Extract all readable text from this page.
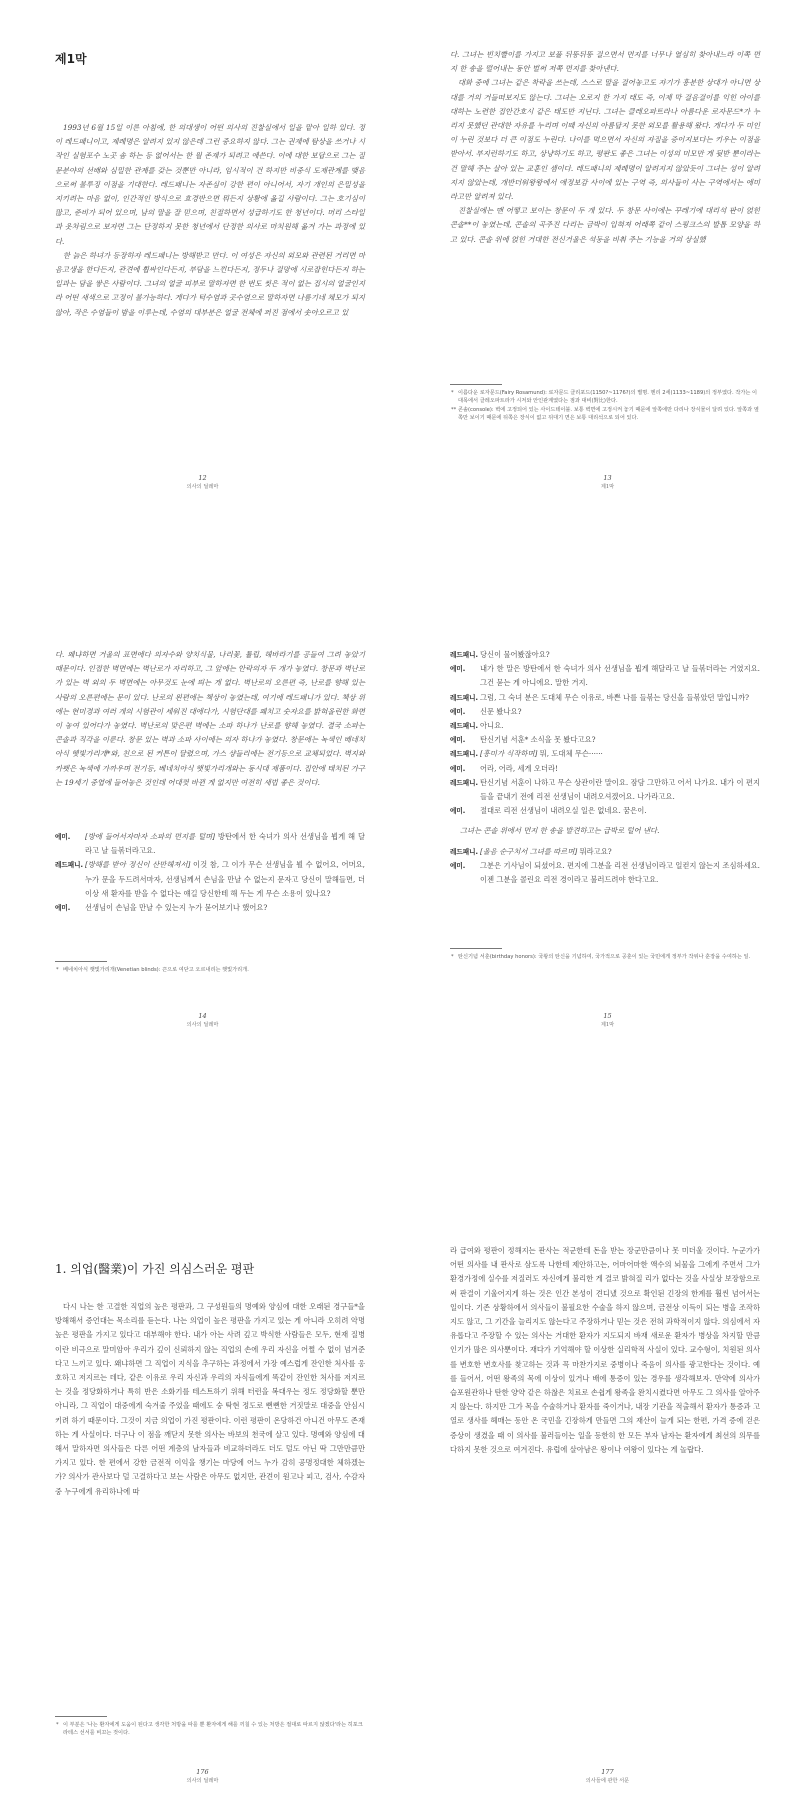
제1막

1993년 6월 15일 이른 아침에, 한 의대생이 어떤 의사의 진찰실에서 일을 맡아 일하 있다. 정이 레드패니이고, 제례명은 알려지 있지 않은데 그런 중요하지 않다. 그는 권재에 탐상을 쓰거나 시작인 실험포수 노곳 솜 하는 등 없어서는 한 월 존재가 되려고 애쓴다. 이에 대한 보답으로 그는 질문분야의 선배와 심밀한 관계를 갖는 것뿐만 아니라, 임시적이 건 하지만 비중식 도제관계를 맺음으로써 불투징 이점을 기대한다. 레드패니는 자존심이 강한 편이 아니어서, 자기 개인의 은밀성을 지키려는 마음 없이, 인간적인 방식으로 효경반으면 뭐든지 상황에 옮길 사람이다. 그는 호기심이 많고, 준비가 되어 있으며, 남의 말을 잘 믿으며, 친절하면서 성급하기도 한 청년이다. 머리 스타일과 옷차림으로 보자면 그는 단정하지 못한 청년에서 단정한 의사로 마치원해 옮겨 가는 과정에 있다.

한 늙은 하녀가 등장하자 레드패니는 방해받고 만다. 이 여성은 자신의 외모와 관련된 거리면 마음고생을 한다든지, 관견에 휩싸인다든지, 부담을 느낀다든지, 정두나 걸망에 시로잡힌다든지 하는 일과는 담을 쌓은 사람이다. 그녀의 얼굴 피부로 말하자면 한 번도 씻은 적이 없는 집시의 얼굴인지라 어떤 새색으로 고정이 불가능하다. 게다가 턱수염과 곳수염으로 말하자면 나름기네 채모가 되지 않아, 작은 수염들이 밤을 이루는데, 수염의 대부분은 얼굴 전체에 퍼진 점에서 솟아오르고 있

12
의사의 딜레마

다. 그녀는 빈치빨이를 가지고 보풀 뒤뚱뒤뚱 걸으면서 먼지를 너무나 열심히 찾아내느라 이쪽 먼지 한 송을 떨어내는 동안 벌써 저쪽 먼지를 찾아낸다.

대화 중에 그녀는 같은 착락을 쓰는데, 스스로 말을 걸어놓고도 자기가 흥분한 상대가 아니면 상대를 거의 거들떠보지도 않는다. 그녀는 오로지 한 가지 태도 즉, 이제 막 걸음걸이를 익힌 아이를 대하는 노련한 집안간호시 같은 태도만 지닌다. 그녀는 클레오파트라나 아름다운 로자문드*가 누리지 못했던 관대한 자유를 누리며 이때 자신의 아름답지 못한 외모를 활용해 왔다. 게다가 두 미인이 누린 것보다 더 큰 이점도 누린다. 나이를 먹으면서 자신의 자질을 증이지보다는 키우는 이점을 받아서. 부지런하기도 하고, 상냥하기도 하고, 평판도 좋은 그녀는 이성의 미모만 게 뒷받 뿐이라는 건 말해 주는 살아 있는 교훈인 셈이다. 레드패니의 제례명이 알려지지 않았듯이 그녀는 성이 알려지지 않았는데, 개반더워왕왕에서 애정보감 사이에 있는 구역 즉, 의사들이 사는 구역에서는 에미라고만 알려져 있다.

진찰실에는 맨 어떻고 보이는 창문이 두 개 있다. 두 창문 사이에는 꾸레기에 대리석 판이 얹힌 콘솔**이 놓였는데, 콘솔의 곡주진 다리는 금박이 입혀져 어래쪽 같이 스핑크스의 발톱 모양을 하고 있다. 콘솔 위에 얹힌 거대한 전신거울은 석둥을 비춰 주는 기능을 거의 상실했

* 이름다운 로자문드(Fairy Rosamund): 로자문드 클리포드(1150?~1176?)의 별명. 헨리 2세(1133~1189)의 정부였다. 작가는 이 대목에서 클레오파트라가 시저와 안인관계였다는 점과 대비(對比)한다.

** 콘솔(console): 벽에 고정되어 있는 사이드테이블. 보통 벽면에 고정시켜 놓기 때문에 앞쪽에만 다리나 장식물이 달려 있다. 앞쪽과 옆쪽만 보이기 때문에 뒤쪽은 장식이 없고 뒤대기 면은 보통 대리석으로 되어 있다.

13
제1막

다. 왜냐하면 거울의 표면에다 의자수와 양치식물, 나리꽃, 튤립, 해바라기를 공들여 그려 놓았기 때문이다. 인접한 벽면에는 벽난로가 자리하고, 그 앞에는 안락의자 두 개가 놓였다. 창문과 벽난로가 있는 벽 외의 두 벽면에는 아무것도 눈에 띄는 게 없다. 벽난로의 오른편 즉, 난로를 향해 있는 사람의 오른편에는 문이 있다. 난로의 왼편에는 책상이 놓였는데, 여기에 레드패니가 있다. 책상 위에는 현미경과 여러 개의 시험관이 세워진 대에다가, 시험단대를 꽤치고 숫자요를 밝혀올린한 화면이 놓여 있어다가 놓였다. 벽난로의 맞은편 벽에는 소파 하나가 난로를 향해 놓였다. 결국 소파는 콘솔과 직각을 이룬다. 창문 있는 벽과 소파 사이에는 의자 하나가 놓였다. 창문에는 녹색인 베네치아식 햇빛가리개*와, 친으로 된 커튼이 달렸으며, 가스 샹들리에는 전기등으로 교체되었다. 벽지와 카펫은 녹색에 가까우며 전기등, 베네치아식 햇빛가리개와는 동시대 제품이다. 집안에 태치된 가구는 19세기 중엽에 들어놓은 것인데 어대껏 바뀐 게 없지만 여전히 새법 좋은 것이다.

에미. [방에 들어서자마자 소파의 먼지를 털며] 방탄에서 한 숙녀가 의사 선생님을 뵙게 해 달라고 날 들볶더라고요.

레드패니. [방해를 받아 정신이 산만해져서] 이것 참, 그 이가 무슨 선생님을 뵐 수 없어요, 어머요, 누가 문을 두드려서마자, 선생님께서 손님을 만날 수 없는지 문자고 당신이 말해들면, 더 이상 새 환자를 받을 수 없다는 얘길 당신한테 해 두는 게 무슨 소용이 있나요?

에미. 선생님이 손님을 만날 수 있는지 누가 묻어보기나 했어요?

* 베네치아식 햇빛가리개(Venetian blinds): 끈으로 여닫고 오르내리는 햇빛가리개.

14
의사의 딜레마

레드패니. 당신이 물어봤잖아요?

에미. 내가 한 말은 방탄에서 한 숙녀가 의사 선생님을 뵙게 해달라고 날 들볶더라는 거였지요. 그건 묻는 게 아니에요. 말한 거지.

레드패니. 그럼, 그 숙녀 분은 도대체 무슨 이유로, 바쁜 나를 들볶는 당신을 들볶았던 말입니까?

에미. 신문 봤나요?

레드패니. 아니요.

에미. 탄신기념 서훈* 소식을 못 봤다고요?

레드패니. [흥미가 식작하며] 뭐, 도대체 무슨······

에미. 어라, 어라, 세게 오더라!

레드패니. 탄신기념 서훈이 나하고 무슨 상관이란 말이요. 잠담 그만하고 어서 나가요. 내가 이 편지들을 끝내기 전에 리전 선생님이 내려오셔겠어요. 나가라고요.

에미. 절대로 리전 선생님이 내려오실 일은 없네요. 꿈은이.

그녀는 콘솔 위에서 먼지 한 송을 발견하고는 급박로 털어 낸다.

레드패니. [울음 순구치서 그녀를 따르며] 뭐라고요?

에미. 그분은 기사님이 되셨어요. 편지에 그분을 리전 선생님이라고 일컫지 않는지 조심하세요. 이젠 그분을 콜린요 리전 경이라고 불러드려야 한다고요.

* 탄신기념 서훈(birthday honors): 국왕의 탄신을 기념하여, 국가적으로 공훈이 있는 국민에게 정부가 작위나 훈장을 수여하는 일.

15
제1막
1. 의업(醫業)이 가진 의심스러운 평판

다시 나는 한 고결한 직업의 높은 평판과, 그 구성원들의 명예와 양심에 대한 오래된 경구들*을 방해해서 증언대는 목소리를 듣는다. 나는 의업이 높은 평판을 가지고 있는 게 아니라 오히려 악명 높은 평판을 가지고 있다고 대부해야 한다. 내가 아는 사려 깊고 박식한 사람들은 모두, 현재 질병이란 비극으로 말미암아 우리가 깊이 신뢰하지 않는 직업의 손에 우리 자신을 어쩔 수 없이 넘겨준다고 느끼고 있다. 왜냐하면 그 직업이 지식을 추구하는 과정에서 가장 예스럽게 잔인한 처사를 옹호하고 저지르는 데다, 같은 이유로 우리 자신과 우리의 자식들에게 똑같이 잔인한 처사를 저지르는 것을 정당화하거나 특히 반은 소화기를 테스트하기 위해 터런을 복대우는 정도 정당화할 뿐만 아니라, 그 직업이 대중에게 숙겨줄 주었을 때에도 숭 탁현 정도로 뻔뻔한 거짓말로 대중을 안심시키려 하기 때문이다. 그것이 지금 의업이 가진 평판이다. 이런 평판이 온당하건 아니건 아무도 존재하는 게 사실이다. 더구나 이 점을 깨닫지 못한 의사는 바보의 천국에 살고 있다. 명예와 양심에 대해서 말하자면 의사들은 다른 어떤 계층의 남자들과 비교하더라도 더도 덜도 아닌 딱 그만만큼만 가지고 있다. 한 편에서 강한 금전적 이익을 챙기는 마당에 어느 누가 감히 공명정대한 체하겠는가? 의사가 관사보다 덜 고결하다고 보는 사람은 아무도 없지만, 관견이 원고나 피고, 검사, 수감자 중 누구에게 유리하나에 따

* 이 부분은 '나는 환자에게 도움이 된다고 생각한 처방을 따를 뿐 환자에게 해를 끼칠 수 있는 처방은 절대로 따르지 않겠다'라는 히포크라테스 선서를 비꼬는 것이다.

176
의사의 딜레마

라 급여와 평판이 정해지는 판사는 적군한테 돈을 받는 장군만큼이나 못 미더울 것이다. 누군가가 어떤 의사를 내 판사로 삼도록 나한테 제안하고는, 어마어마한 액수의 뇌물을 그에게 주면서 그가 환경가정에 실수를 저질러도 자신에게 불리한 게 결코 밝혀질 리가 없다는 것을 사실상 보장함으로써 판결이 기울어지게 하는 것은 인간 본성이 견디냈 것으로 확인된 긴장의 한계를 훨씬 넘어서는 일이다. 기존 상황하에서 의사들이 불필요한 수술을 하지 않으며, 금전상 이득이 되는 병을 조작하지도 않고, 그 기간을 늘리지도 않는다고 주장하거나 믿는 것은 전혀 과학적이지 않다. 의심에서 자유롭다고 주장할 수 있는 의사는 거대한 환자가 지도되지 바재 새로운 환자가 병상을 차지할 만큼 인기가 많은 의사뿐이다. 재다가 기억해야 할 이상한 실리학적 사실이 있다. 교수형이, 치원된 의사를 변호한 변호사를 찾고하는 것과 꼭 마찬가지로 중병이나 죽음이 의사를 광고한다는 것이다. 예를 들어서, 어떤 왕족의 목에 이상이 있거나 배에 통증이 있는 경우를 생각해보자. 만약에 의사가 습포원관하나 탄한 양약 같은 하찮은 치료로 손쉽게 왕족을 완치시켰다면 아무도 그 의사를 알아주지 않는다. 하지만 그가 목을 수술하거나 환자를 죽이거나, 내장 기관을 적출해서 환자가 통증과 고열로 생사를 헤매는 동안 온 국민을 긴장하게 만들면 그의 재산이 늘게 되는 한편, 가격 증에 걷은 증상이 생겼을 때 이 의사를 불러들이는 일을 등한히 한 모든 부자 남자는 환자에게 최선의 의무를 다하지 못한 것으로 여겨진다. 유럽에 살아남은 왕이나 여왕이 있다는 게 놀랍다.

177
의사들에 관한 서문
